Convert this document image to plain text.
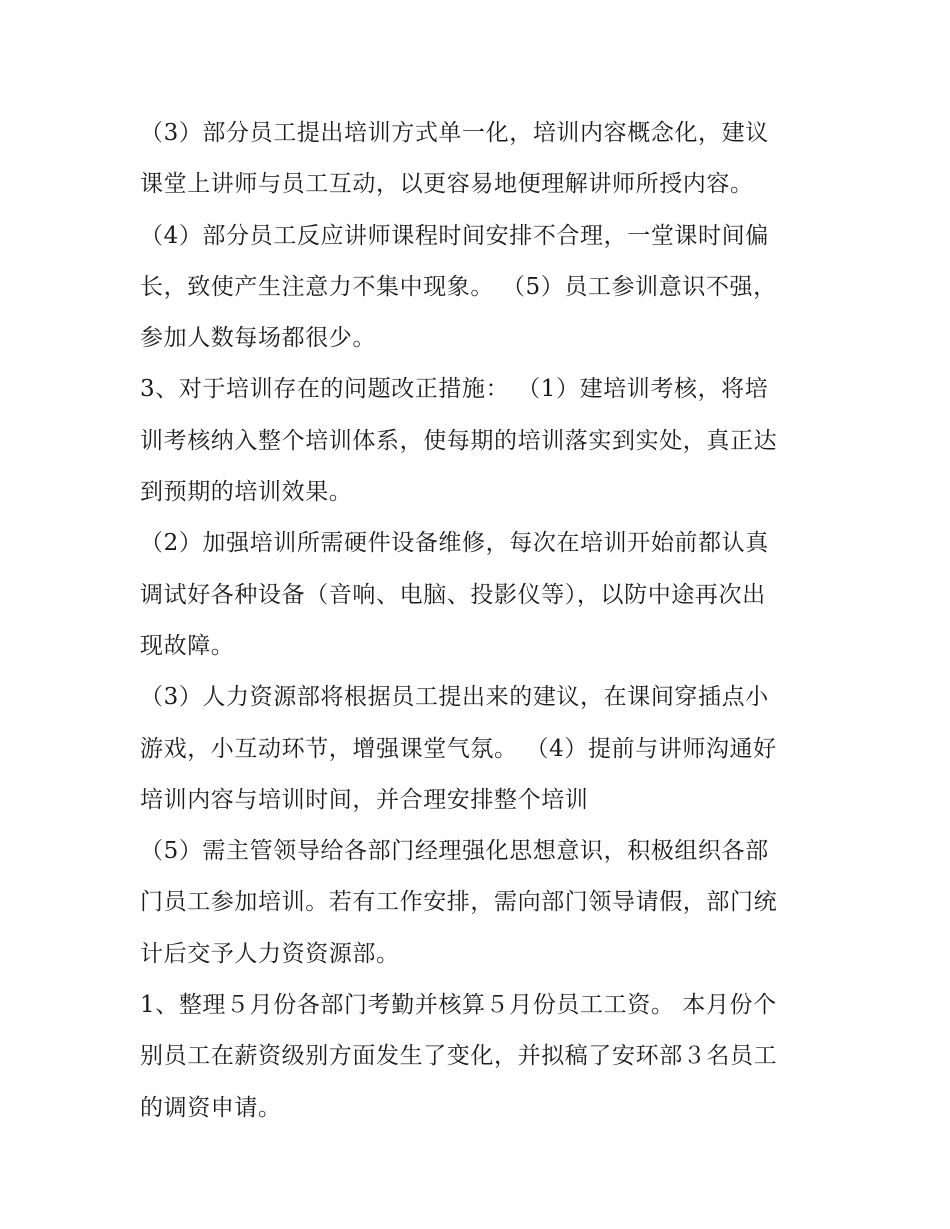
（3）部分员工提出培训方式单一化，培训内容概念化，建议
课堂上讲师与员工互动，以更容易地便理解讲师所授内容。
（4）部分员工反应讲师课程时间安排不合理，一堂课时间偏
长，致使产生注意力不集中现象。 （5）员工参训意识不强，
参加人数每场都很少。
3、对于培训存在的问题改正措施： （1）建培训考核，将培
训考核纳入整个培训体系，使每期的培训落实到实处，真正达
到预期的培训效果。
（2）加强培训所需硬件设备维修，每次在培训开始前都认真
调试好各种设备（音响、电脑、投影仪等），以防中途再次出
现故障。
（3）人力资源部将根据员工提出来的建议，在课间穿插点小
游戏，小互动环节，增强课堂气氛。 （4）提前与讲师沟通好
培训内容与培训时间，并合理安排整个培训
（5）需主管领导给各部门经理强化思想意识，积极组织各部
门员工参加培训。若有工作安排，需向部门领导请假，部门统
计后交予人力资资源部。
1、整理５月份各部门考勤并核算５月份员工工资。 本月份个
别员工在薪资级别方面发生了变化，并拟稿了安环部３名员工
的调资申请。
